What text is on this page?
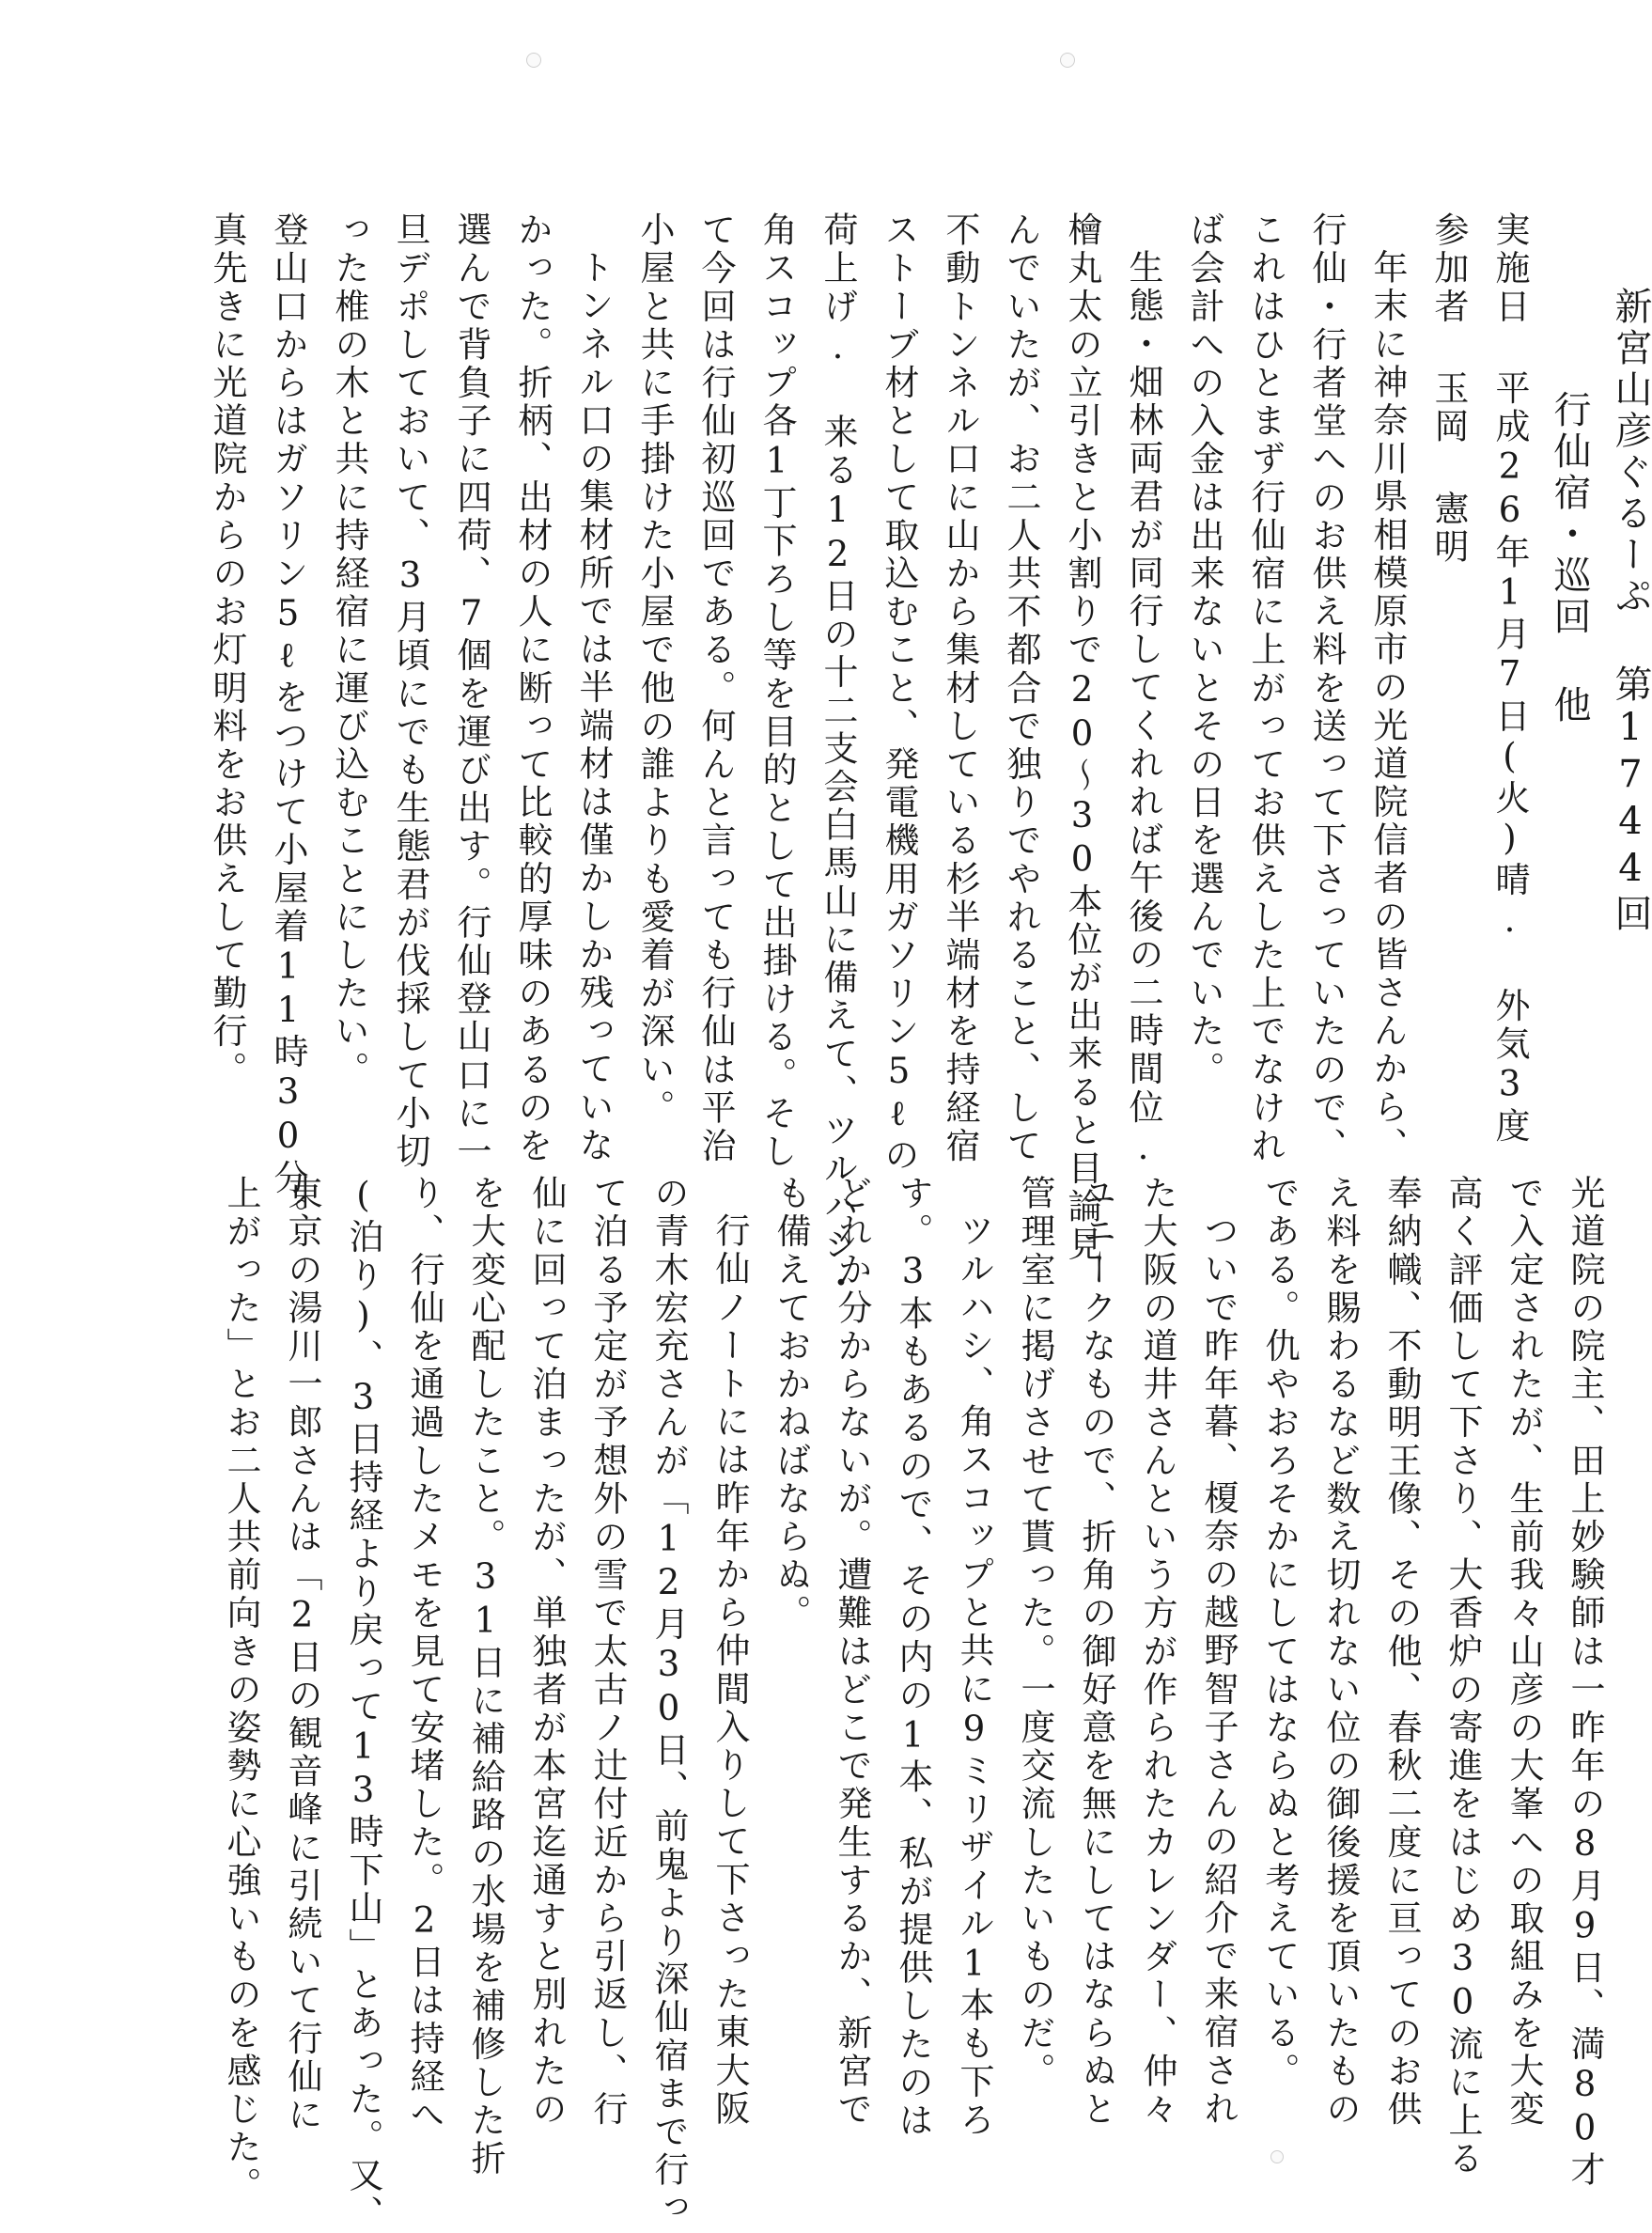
新宮山彦ぐるーぷ 第1744回
行仙宿・巡回 他
実施日 平成26年1月7日(火)晴. 外気3度
参加者 玉岡 憲明
年末に神奈川県相模原市の光道院信者の皆さんから、
行仙・行者堂へのお供え料を送って下さっていたので、
これはひとまず行仙宿に上がってお供えした上でなけれ
ば会計への入金は出来ないとその日を選んでいた。
生態・畑林両君が同行してくれれば午後の二時間位.
檜丸太の立引きと小割りで20〜30本位が出来ると目論見
んでいたが、お二人共不都合で独りでやれること、して
不動トンネル口に山から集材している杉半端材を持経宿
ストーブ材として取込むこと、発電機用ガソリン5ℓの
荷上げ. 来る12日の十二支会白馬山に備えて、ツルハシ・
角スコップ各1丁下ろし等を目的として出掛ける。そし
て今回は行仙初巡回である。何んと言っても行仙は平治
小屋と共に手掛けた小屋で他の誰よりも愛着が深い。
トンネル口の集材所では半端材は僅かしか残っていな
かった。折柄、出材の人に断って比較的厚味のあるのを
選んで背負子に四荷、7個を運び出す。行仙登山口に一
旦デポしておいて、3月頃にでも生態君が伐採して小切
った椎の木と共に持経宿に運び込むことにしたい。
登山口からはガソリン5ℓをつけて小屋着11時30分。
真先きに光道院からのお灯明料をお供えして勤行。
光道院の院主、田上妙験師は一昨年の8月9日、満80才
で入定されたが、生前我々山彦の大峯への取組みを大変
高く評価して下さり、大香炉の寄進をはじめ30流に上る
奉納幟、不動明王像、その他、春秋二度に亘ってのお供
え料を賜わるなど数え切れない位の御後援を頂いたもの
である。仇やおろそかにしてはならぬと考えている。
ついで昨年暮、榎奈の越野智子さんの紹介で来宿され
た大阪の道井さんという方が作られたカレンダー、仲々
ユニークなもので、折角の御好意を無にしてはならぬと
管理室に掲げさせて貰った。一度交流したいものだ。
ツルハシ、角スコップと共に9ミリザイル1本も下ろ
す。3本もあるので、その内の1本、私が提供したのは
どれか分からないが。遭難はどこで発生するか、新宮で
も備えておかねばならぬ。
行仙ノートには昨年から仲間入りして下さった東大阪
の青木宏充さんが「12月30日、前鬼より深仙宿まで行っ
て泊る予定が予想外の雪で太古ノ辻付近から引返し、行
仙に回って泊まったが、単独者が本宮迄通すと別れたの
を大変心配したこと。31日に補給路の水場を補修した折
り、行仙を通過したメモを見て安堵した。2日は持経へ
(泊り)、3日持経より戻って13時下山」とあった。又、
東京の湯川一郎さんは「2日の観音峰に引続いて行仙に
上がった」とお二人共前向きの姿勢に心強いものを感じた。
